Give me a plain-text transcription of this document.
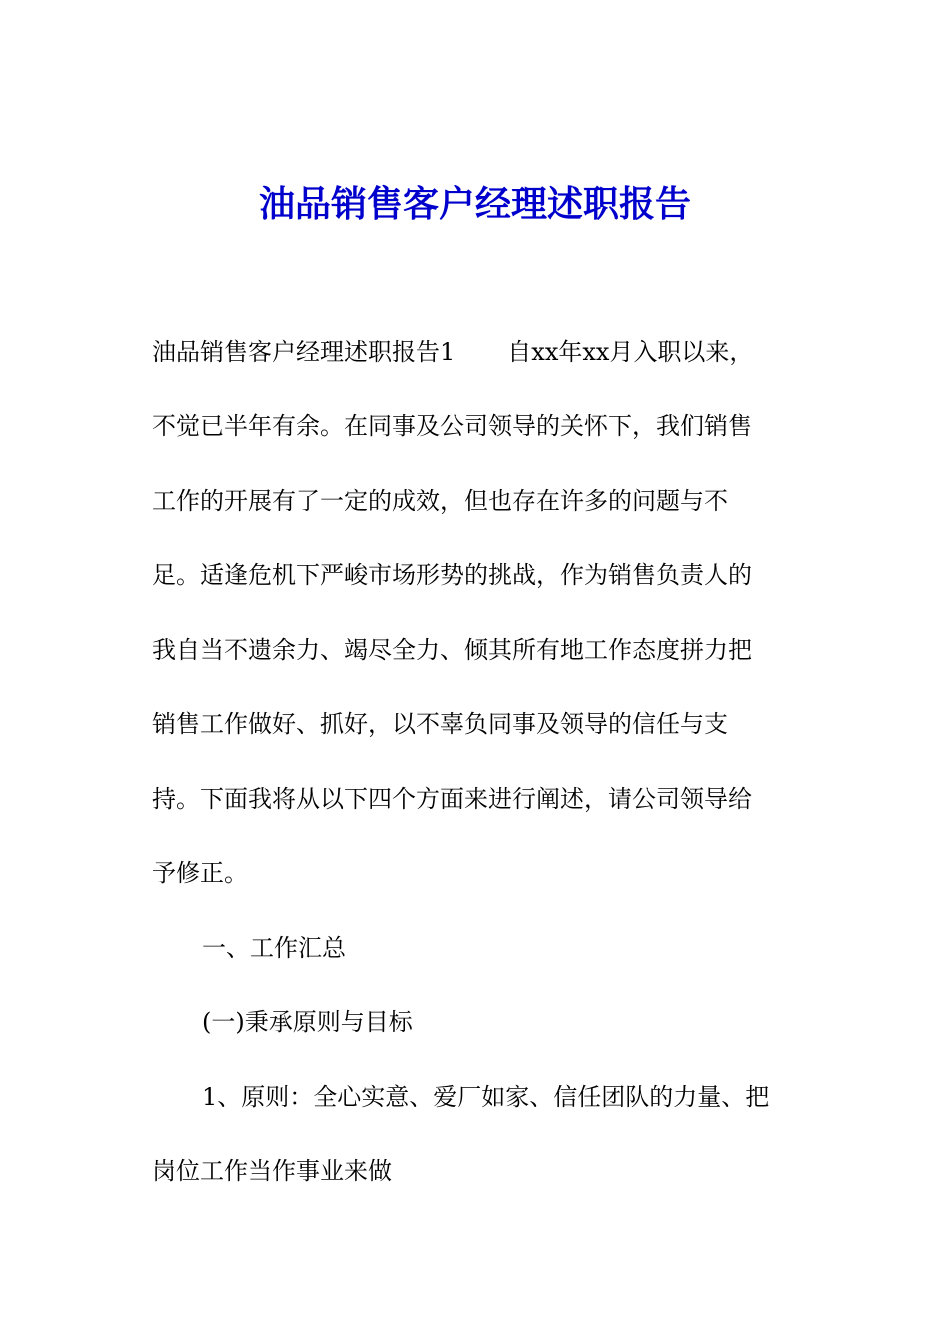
油品销售客户经理述职报告
油品销售客户经理述职报告1 自xx年xx月入职以来，
不觉已半年有余。在同事及公司领导的关怀下，我们销售
工作的开展有了一定的成效，但也存在许多的问题与不
足。适逢危机下严峻市场形势的挑战，作为销售负责人的
我自当不遗余力、竭尽全力、倾其所有地工作态度拼力把
销售工作做好、抓好，以不辜负同事及领导的信任与支
持。下面我将从以下四个方面来进行阐述，请公司领导给
予修正。
一、工作汇总
(一)秉承原则与目标
1、原则：全心实意、爱厂如家、信任团队的力量、把
岗位工作当作事业来做
